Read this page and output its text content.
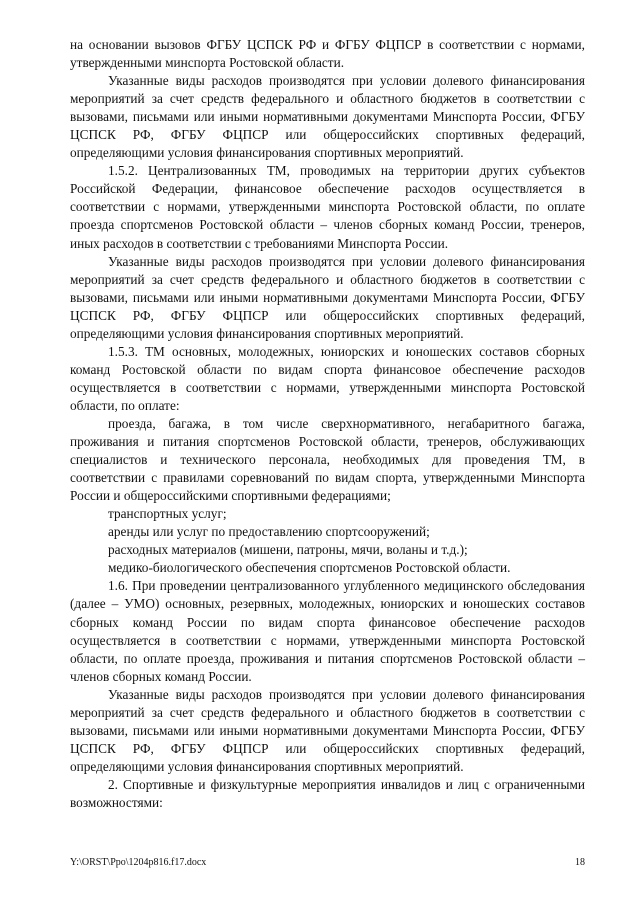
на основании вызовов ФГБУ ЦСПСК РФ и ФГБУ ФЦПСР в соответствии с нормами, утвержденными минспорта Ростовской области.

Указанные виды расходов производятся при условии долевого финансирования мероприятий за счет средств федерального и областного бюджетов в соответствии с вызовами, письмами или иными нормативными документами Минспорта России, ФГБУ ЦСПСК РФ, ФГБУ ФЦПСР или общероссийских спортивных федераций, определяющими условия финансирования спортивных мероприятий.

1.5.2. Централизованных ТМ, проводимых на территории других субъектов Российской Федерации, финансовое обеспечение расходов осуществляется в соответствии с нормами, утвержденными минспорта Ростовской области, по оплате проезда спортсменов Ростовской области – членов сборных команд России, тренеров, иных расходов в соответствии с требованиями Минспорта России.

Указанные виды расходов производятся при условии долевого финансирования мероприятий за счет средств федерального и областного бюджетов в соответствии с вызовами, письмами или иными нормативными документами Минспорта России, ФГБУ ЦСПСК РФ, ФГБУ ФЦПСР или общероссийских спортивных федераций, определяющими условия финансирования спортивных мероприятий.

1.5.3. ТМ основных, молодежных, юниорских и юношеских составов сборных команд Ростовской области по видам спорта финансовое обеспечение расходов осуществляется в соответствии с нормами, утвержденными минспорта Ростовской области, по оплате:

проезда, багажа, в том числе сверхнормативного, негабаритного багажа, проживания и питания спортсменов Ростовской области, тренеров, обслуживающих специалистов и технического персонала, необходимых для проведения ТМ, в соответствии с правилами соревнований по видам спорта, утвержденными Минспорта России и общероссийскими спортивными федерациями;

транспортных услуг;

аренды или услуг по предоставлению спортсооружений;

расходных материалов (мишени, патроны, мячи, воланы и т.д.);

медико-биологического обеспечения спортсменов Ростовской области.

1.6. При проведении централизованного углубленного медицинского обследования (далее – УМО) основных, резервных, молодежных, юниорских и юношеских составов сборных команд России по видам спорта финансовое обеспечение расходов осуществляется в соответствии с нормами, утвержденными минспорта Ростовской области, по оплате проезда, проживания и питания спортсменов Ростовской области – членов сборных команд России.

Указанные виды расходов производятся при условии долевого финансирования мероприятий за счет средств федерального и областного бюджетов в соответствии с вызовами, письмами или иными нормативными документами Минспорта России, ФГБУ ЦСПСК РФ, ФГБУ ФЦПСР или общероссийских спортивных федераций, определяющими условия финансирования спортивных мероприятий.

2. Спортивные и физкультурные мероприятия инвалидов и лиц с ограниченными возможностями:

Y:\ORST\Ppo\1204p816.f17.docx	18
